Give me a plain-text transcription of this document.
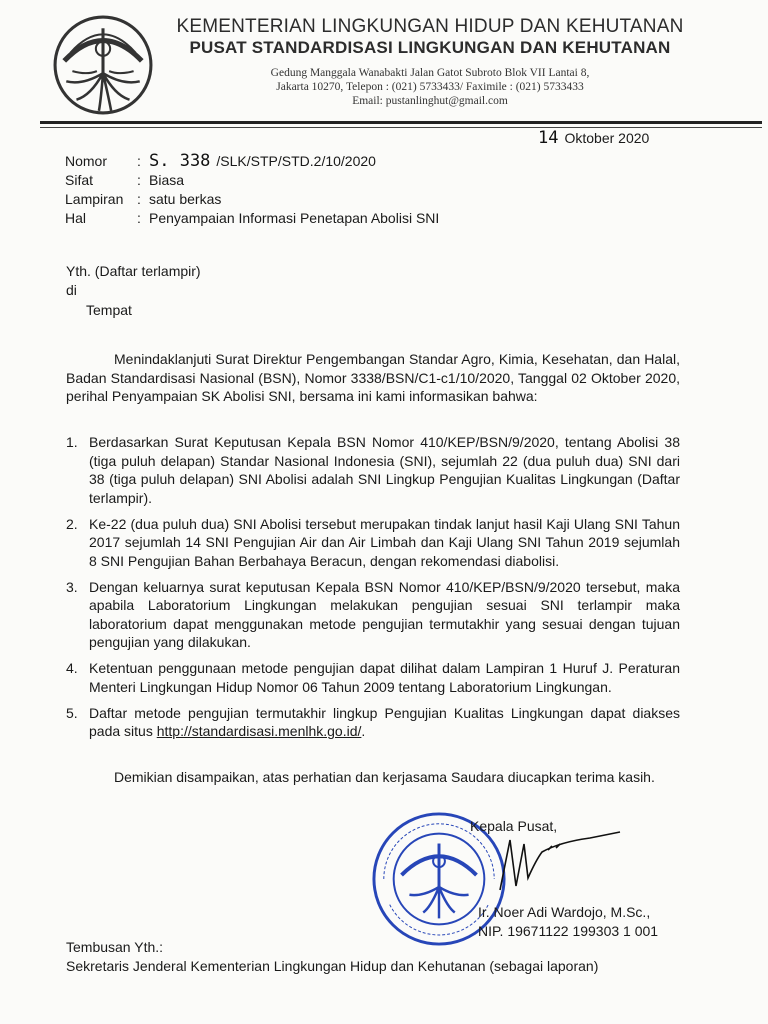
KEMENTERIAN LINGKUNGAN HIDUP DAN KEHUTANAN
PUSAT STANDARDISASI LINGKUNGAN DAN KEHUTANAN
Gedung Manggala Wanabakti Jalan Gatot Subroto Blok VII Lantai 8,
Jakarta 10270, Telepon : (021) 5733433/ Faximile : (021) 5733433
Email: pustanlinghut@gmail.com
14 Oktober 2020
Nomor	: S. 338 /SLK/STP/STD.2/10/2020
Sifat	: Biasa
Lampiran : satu berkas
Hal	: Penyampaian Informasi Penetapan Abolisi SNI
Yth. (Daftar terlampir)
di
Tempat
Menindaklanjuti Surat Direktur Pengembangan Standar Agro, Kimia, Kesehatan, dan Halal, Badan Standardisasi Nasional (BSN), Nomor 3338/BSN/C1-c1/10/2020, Tanggal 02 Oktober 2020, perihal Penyampaian SK Abolisi SNI, bersama ini kami informasikan bahwa:
1. Berdasarkan Surat Keputusan Kepala BSN Nomor 410/KEP/BSN/9/2020, tentang Abolisi 38 (tiga puluh delapan) Standar Nasional Indonesia (SNI), sejumlah 22 (dua puluh dua) SNI dari 38 (tiga puluh delapan) SNI Abolisi adalah SNI Lingkup Pengujian Kualitas Lingkungan (Daftar terlampir).
2. Ke-22 (dua puluh dua) SNI Abolisi tersebut merupakan tindak lanjut hasil Kaji Ulang SNI Tahun 2017 sejumlah 14 SNI Pengujian Air dan Air Limbah dan Kaji Ulang SNI Tahun 2019 sejumlah 8 SNI Pengujian Bahan Berbahaya Beracun, dengan rekomendasi diabolisi.
3. Dengan keluarnya surat keputusan Kepala BSN Nomor 410/KEP/BSN/9/2020 tersebut, maka apabila Laboratorium Lingkungan melakukan pengujian sesuai SNI terlampir maka laboratorium dapat menggunakan metode pengujian termutakhir yang sesuai dengan tujuan pengujian yang dilakukan.
4. Ketentuan penggunaan metode pengujian dapat dilihat dalam Lampiran 1 Huruf J. Peraturan Menteri Lingkungan Hidup Nomor 06 Tahun 2009 tentang Laboratorium Lingkungan.
5. Daftar metode pengujian termutakhir lingkup Pengujian Kualitas Lingkungan dapat diakses pada situs http://standardisasi.menlhk.go.id/.
Demikian disampaikan, atas perhatian dan kerjasama Saudara diucapkan terima kasih.
Kepala Pusat,
Ir. Noer Adi Wardojo, M.Sc.,
NIP. 19671122 199303 1 001
Tembusan Yth.:
Sekretaris Jenderal Kementerian Lingkungan Hidup dan Kehutanan (sebagai laporan)
